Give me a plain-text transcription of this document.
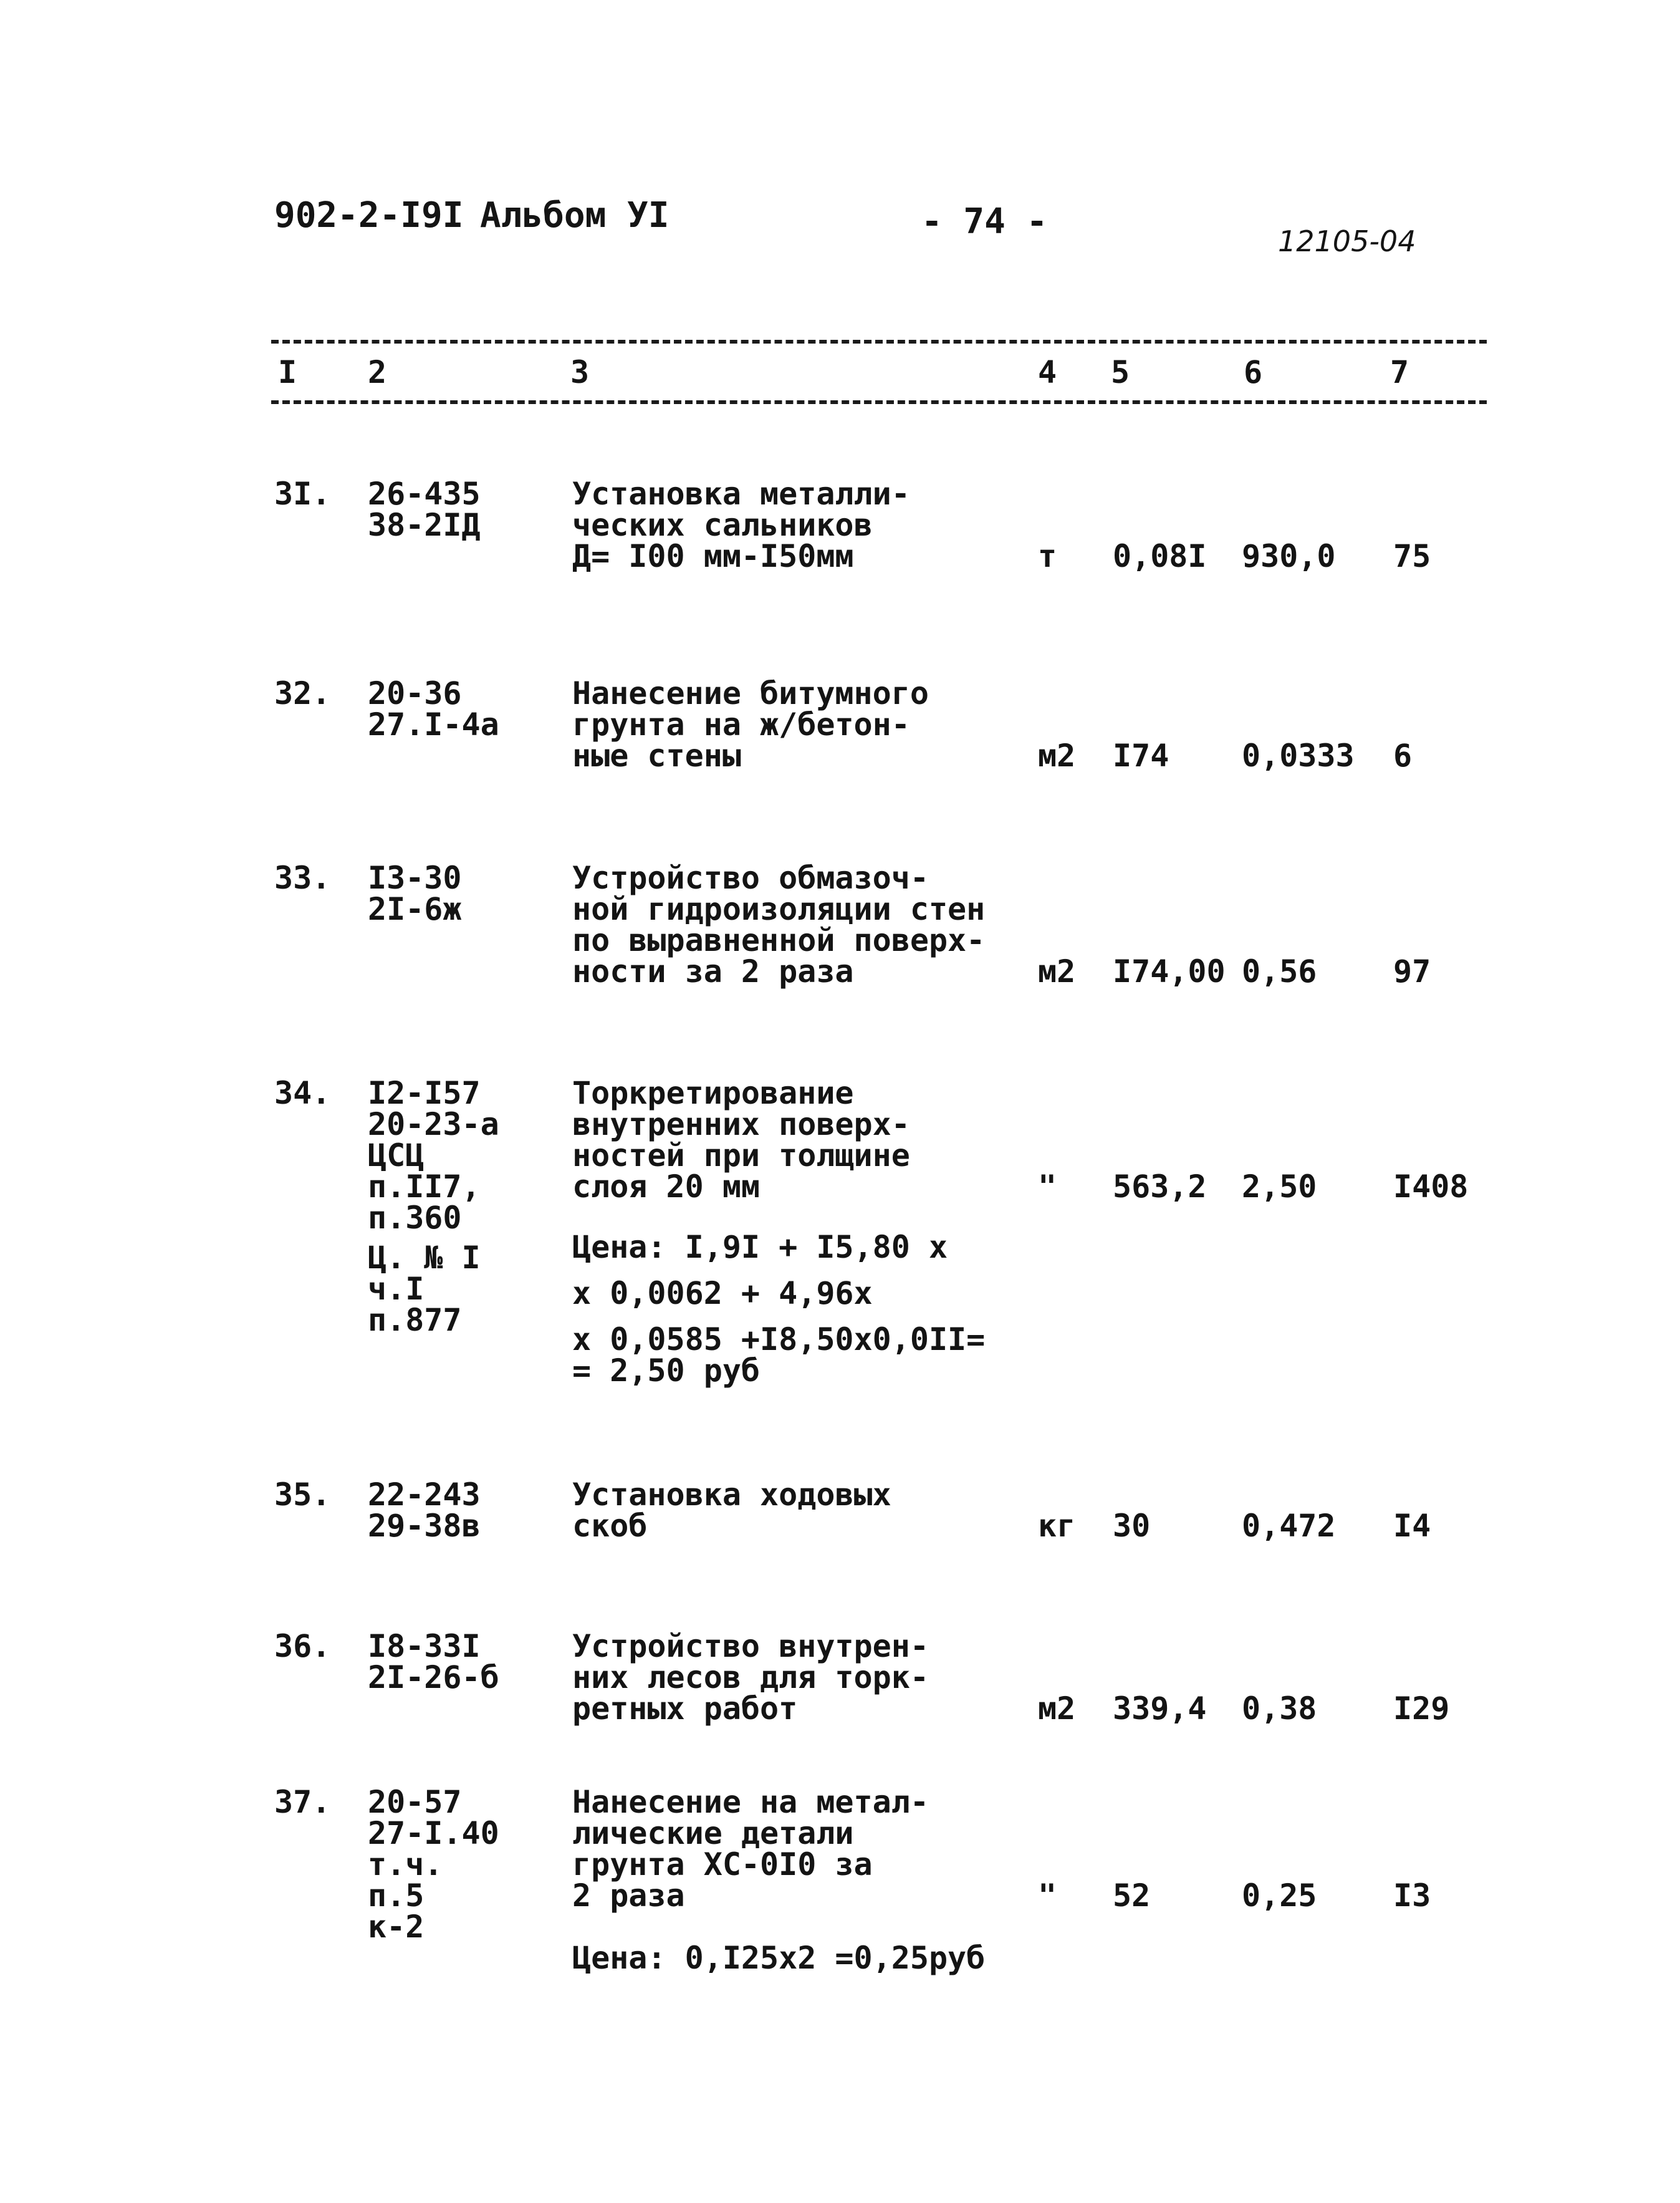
902-2-I9I Альбом УI	- 74 -	12105-04
I 2	3	4 5	6	7
3I. 26-435
38-2IД
Установка металли-
ческих сальников
Д= I00 мм-I50мм	т 0,08I 930,0 75
32. 20-36
27.I-4а
Нанесение битумного
грунта на ж/бетон-
ные стены	м2 I74 0,0333 6
33. I3-30
2I-6ж
Устройство обмазоч-
ной гидроизоляции стен
по выравненной поверх-
ности за 2 раза	м2 I74,00 0,56 97
34. I2-I57
20-23-а
ЦСЦ
п.II7,
п.360
Ц. № I
ч.I
п.877
Торкретирование
внутренних поверх-
ностей при толщине
слоя 20 мм
Цена: I,9I + I5,80 х
х 0,0062 + 4,96х
х 0,0585 +I8,50х0,0II=
= 2,50 руб
" 563,2 2,50 I408
35. 22-243
29-38в
Установка ходовых
скоб	кг 30	0,472 I4
36. I8-33I
2I-26-б
Устройство внутрен-
них лесов для торк-
ретных работ	м2 339,4 0,38 I29
37. 20-57
27-I.40
т.ч.
п.5
к-2
Нанесение на метал-
лические детали
грунта ХС-0I0 за
2 раза
Цена: 0,I25х2 =0,25руб
" 52	0,25 I3
